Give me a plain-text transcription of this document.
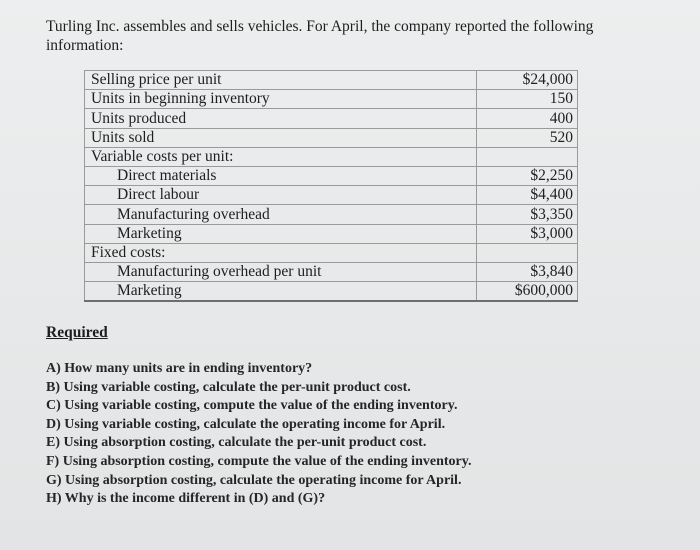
Turling Inc. assembles and sells vehicles. For April, the company reported the following information:
Selling price per unit	$24,000
Units in beginning inventory	150
Units produced	400
Units sold	520
Variable costs per unit:	
Direct materials	$2,250
Direct labour	$4,400
Manufacturing overhead	$3,350
Marketing	$3,000
Fixed costs:	
Manufacturing overhead per unit	$3,840
Marketing	$600,000
Required
A) How many units are in ending inventory?
B) Using variable costing, calculate the per-unit product cost.
C) Using variable costing, compute the value of the ending inventory.
D) Using variable costing, calculate the operating income for April.
E) Using absorption costing, calculate the per-unit product cost.
F) Using absorption costing, compute the value of the ending inventory.
G) Using absorption costing, calculate the operating income for April.
H) Why is the income different in (D) and (G)?
